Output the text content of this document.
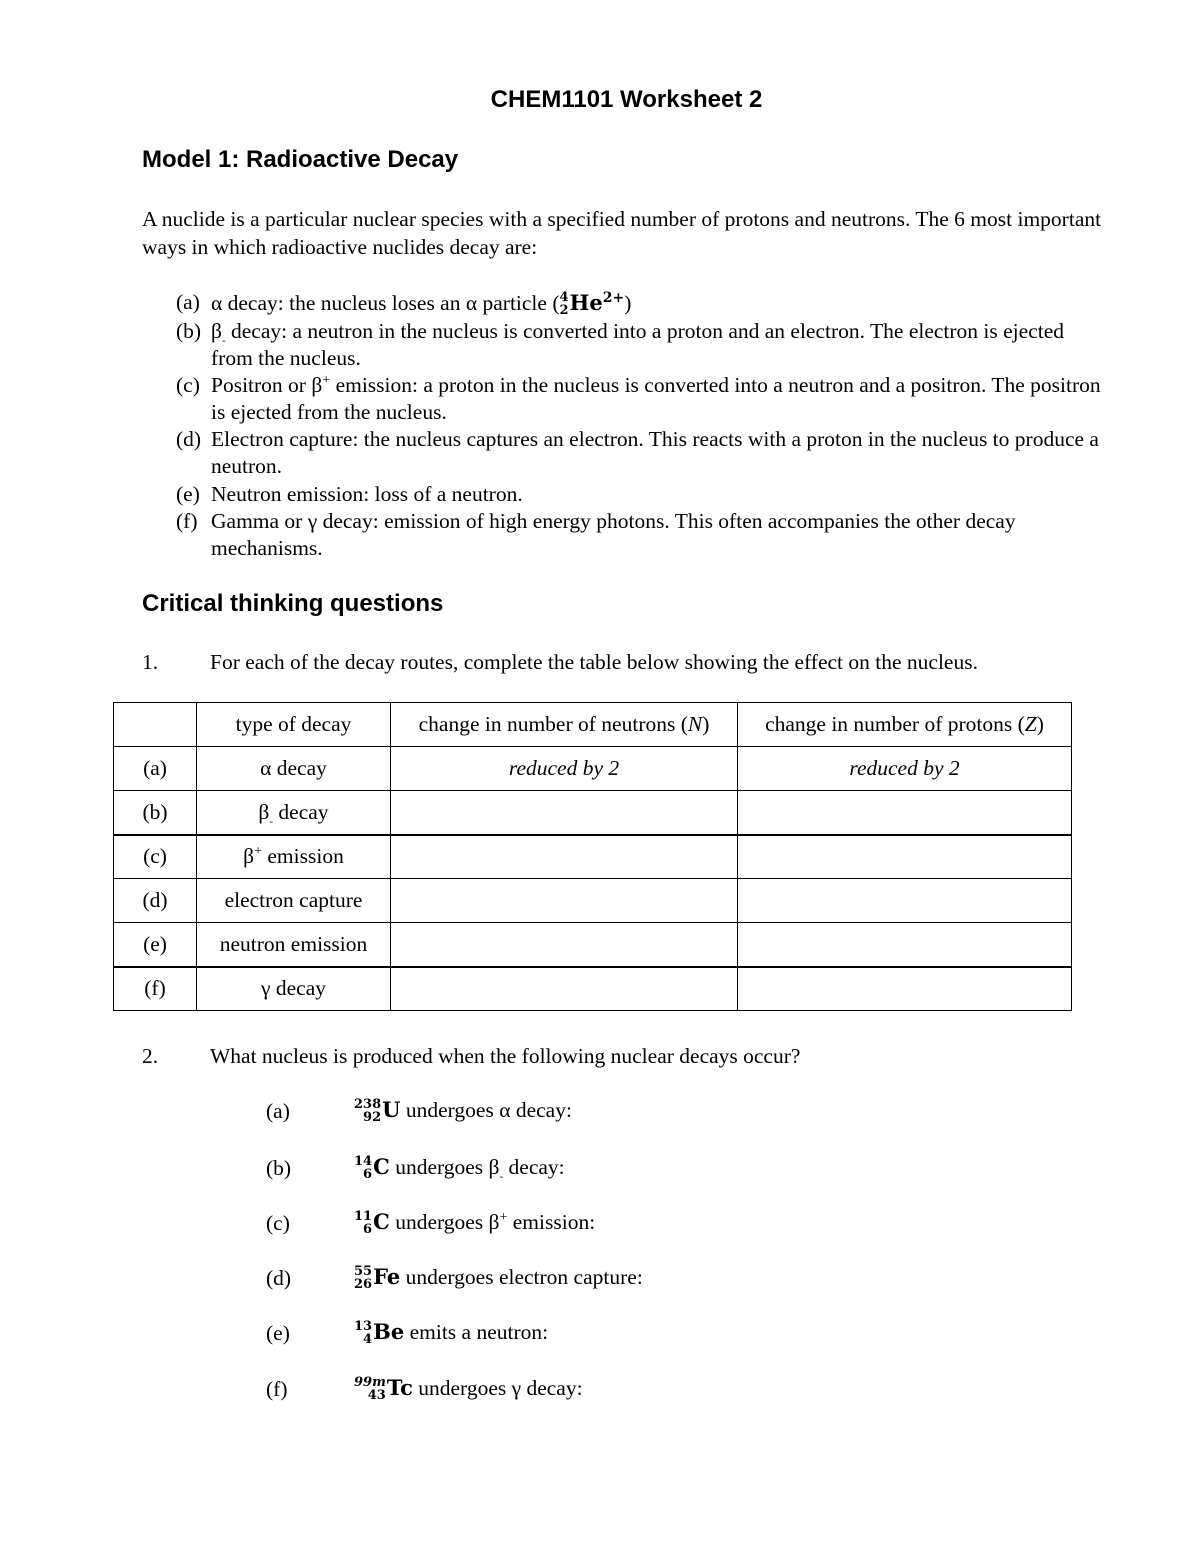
CHEM1101 Worksheet 2
Model 1: Radioactive Decay
A nuclide is a particular nuclear species with a specified number of protons and neutrons. The 6 most important ways in which radioactive nuclides decay are:
(a) α decay: the nucleus loses an α particle ( 4
2 $He^{2+}$)
(b) $\beta_-$ decay: a neutron in the nucleus is converted into a proton and an electron. The electron is ejected from the nucleus.
(c) Positron or β+ emission: a proton in the nucleus is converted into a neutron and a positron. The positron is ejected from the nucleus.
(d) Electron capture: the nucleus captures an electron. This reacts with a proton in the nucleus to produce a neutron.
(e) Neutron emission: loss of a neutron.
(f) Gamma or γ decay: emission of high energy photons. This often accompanies the other decay mechanisms.
Critical thinking questions
1. For each of the decay routes, complete the table below showing the effect on the nucleus.
	type of decay	change in number of neutrons (N)	change in number of protons (Z)
(a)	α decay	reduced by 2	reduced by 2
(b)	$\beta_-$ decay		
(c)	β+ emission		
(d)	electron capture		
(e)	neutron emission		
(f)	γ decay		
2. What nucleus is produced when the following nuclear decays occur?
(a)	238
92 U undergoes α decay:
(b)	14
6 C undergoes $\beta_-$ decay:
(c)	11
6 C undergoes β+ emission:
(d)	55
26 Fe undergoes electron capture:
(e)	13
4 Be emits a neutron:
(f)	99m
43 Tc undergoes γ decay:
